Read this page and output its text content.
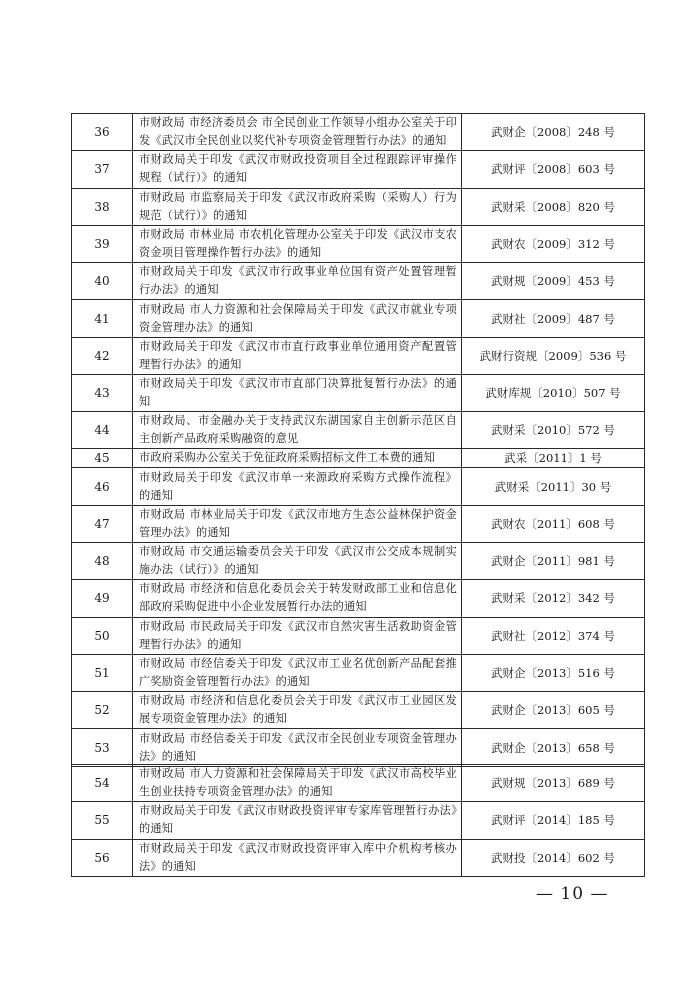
36	市财政局 市经济委员会 市全民创业工作领导小组办公室关于印发《武汉市全民创业以奖代补专项资金管理暂行办法》的通知	武财企〔2008〕248 号
37	市财政局关于印发《武汉市财政投资项目全过程跟踪评审操作规程（试行）》的通知	武财评〔2008〕603 号
38	市财政局 市监察局关于印发《武汉市政府采购（采购人）行为规范（试行）》的通知	武财采〔2008〕820 号
39	市财政局 市林业局 市农机化管理办公室关于印发《武汉市支农资金项目管理操作暂行办法》的通知	武财农〔2009〕312 号
40	市财政局关于印发《武汉市行政事业单位国有资产处置管理暂行办法》的通知	武财规〔2009〕453 号
41	市财政局 市人力资源和社会保障局关于印发《武汉市就业专项资金管理办法》的通知	武财社〔2009〕487 号
42	市财政局关于印发《武汉市市直行政事业单位通用资产配置管理暂行办法》的通知	武财行资规〔2009〕536 号
43	市财政局关于印发《武汉市市直部门决算批复暂行办法》的通知	武财库规〔2010〕507 号
44	市财政局、市金融办关于支持武汉东湖国家自主创新示范区自主创新产品政府采购融资的意见	武财采〔2010〕572 号
45	市政府采购办公室关于免征政府采购招标文件工本费的通知	武采〔2011〕1 号
46	市财政局关于印发《武汉市单一来源政府采购方式操作流程》的通知	武财采〔2011〕30 号
47	市财政局 市林业局关于印发《武汉市地方生态公益林保护资金管理办法》的通知	武财农〔2011〕608 号
48	市财政局 市交通运输委员会关于印发《武汉市公交成本规制实施办法（试行）》的通知	武财企〔2011〕981 号
49	市财政局 市经济和信息化委员会关于转发财政部工业和信息化部政府采购促进中小企业发展暂行办法的通知	武财采〔2012〕342 号
50	市财政局 市民政局关于印发《武汉市自然灾害生活救助资金管理暂行办法》的通知	武财社〔2012〕374 号
51	市财政局 市经信委关于印发《武汉市工业名优创新产品配套推广奖励资金管理暂行办法》的通知	武财企〔2013〕516 号
52	市财政局 市经济和信息化委员会关于印发《武汉市工业园区发展专项资金管理办法》的通知	武财企〔2013〕605 号
53	市财政局 市经信委关于印发《武汉市全民创业专项资金管理办法》的通知	武财企〔2013〕658 号
54	市财政局 市人力资源和社会保障局关于印发《武汉市高校毕业生创业扶持专项资金管理办法》的通知	武财规〔2013〕689 号
55	市财政局关于印发《武汉市财政投资评审专家库管理暂行办法》的通知	武财评〔2014〕185 号
56	市财政局关于印发《武汉市财政投资评审入库中介机构考核办法》的通知	武财投〔2014〕602 号
— 10 —
